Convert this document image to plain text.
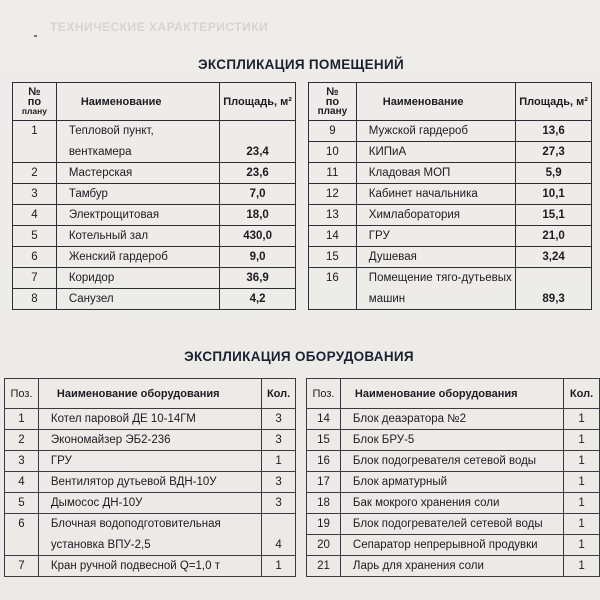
ТЕХНИЧЕСКИЕ ХАРАКТЕРИСТИКИ
ЭКСПЛИКАЦИЯ ПОМЕЩЕНИЙ
№
по
плану	Наименование	Площадь, м²
1	Тепловой пункт,	
	венткамера	23,4
2	Мастерская	23,6
3	Тамбур	7,0
4	Электрощитовая	18,0
5	Котельный зал	430,0
6	Женский гардероб	9,0
7	Коридор	36,9
8	Санузел	4,2
№
по
плану	Наименование	Площадь, м²
9	Мужской гардероб	13,6
10	КИПиА	27,3
11	Кладовая МОП	5,9
12	Кабинет начальника	10,1
13	Химлаборатория	15,1
14	ГРУ	21,0
15	Душевая	3,24
16	Помещение тяго-дутьевых	
	машин	89,3
ЭКСПЛИКАЦИЯ ОБОРУДОВАНИЯ
Поз.	Наименование оборудования	Кол.
1	Котел паровой ДЕ 10-14ГМ	3
2	Экономайзер ЭБ2-236	3
3	ГРУ	1
4	Вентилятор дутьевой ВДН-10У	3
5	Дымосос ДН-10У	3
6	Блочная водоподготовительная	
	установка ВПУ-2,5	4
7	Кран ручной подвесной Q=1,0 т	1
Поз.	Наименование оборудования	Кол.
14	Блок деаэратора №2	1
15	Блок БРУ-5	1
16	Блок подогревателя сетевой воды	1
17	Блок арматурный	1
18	Бак мокрого хранения соли	1
19	Блок подогревателей сетевой воды	1
20	Сепаратор непрерывной продувки	1
21	Ларь для хранения соли	1
